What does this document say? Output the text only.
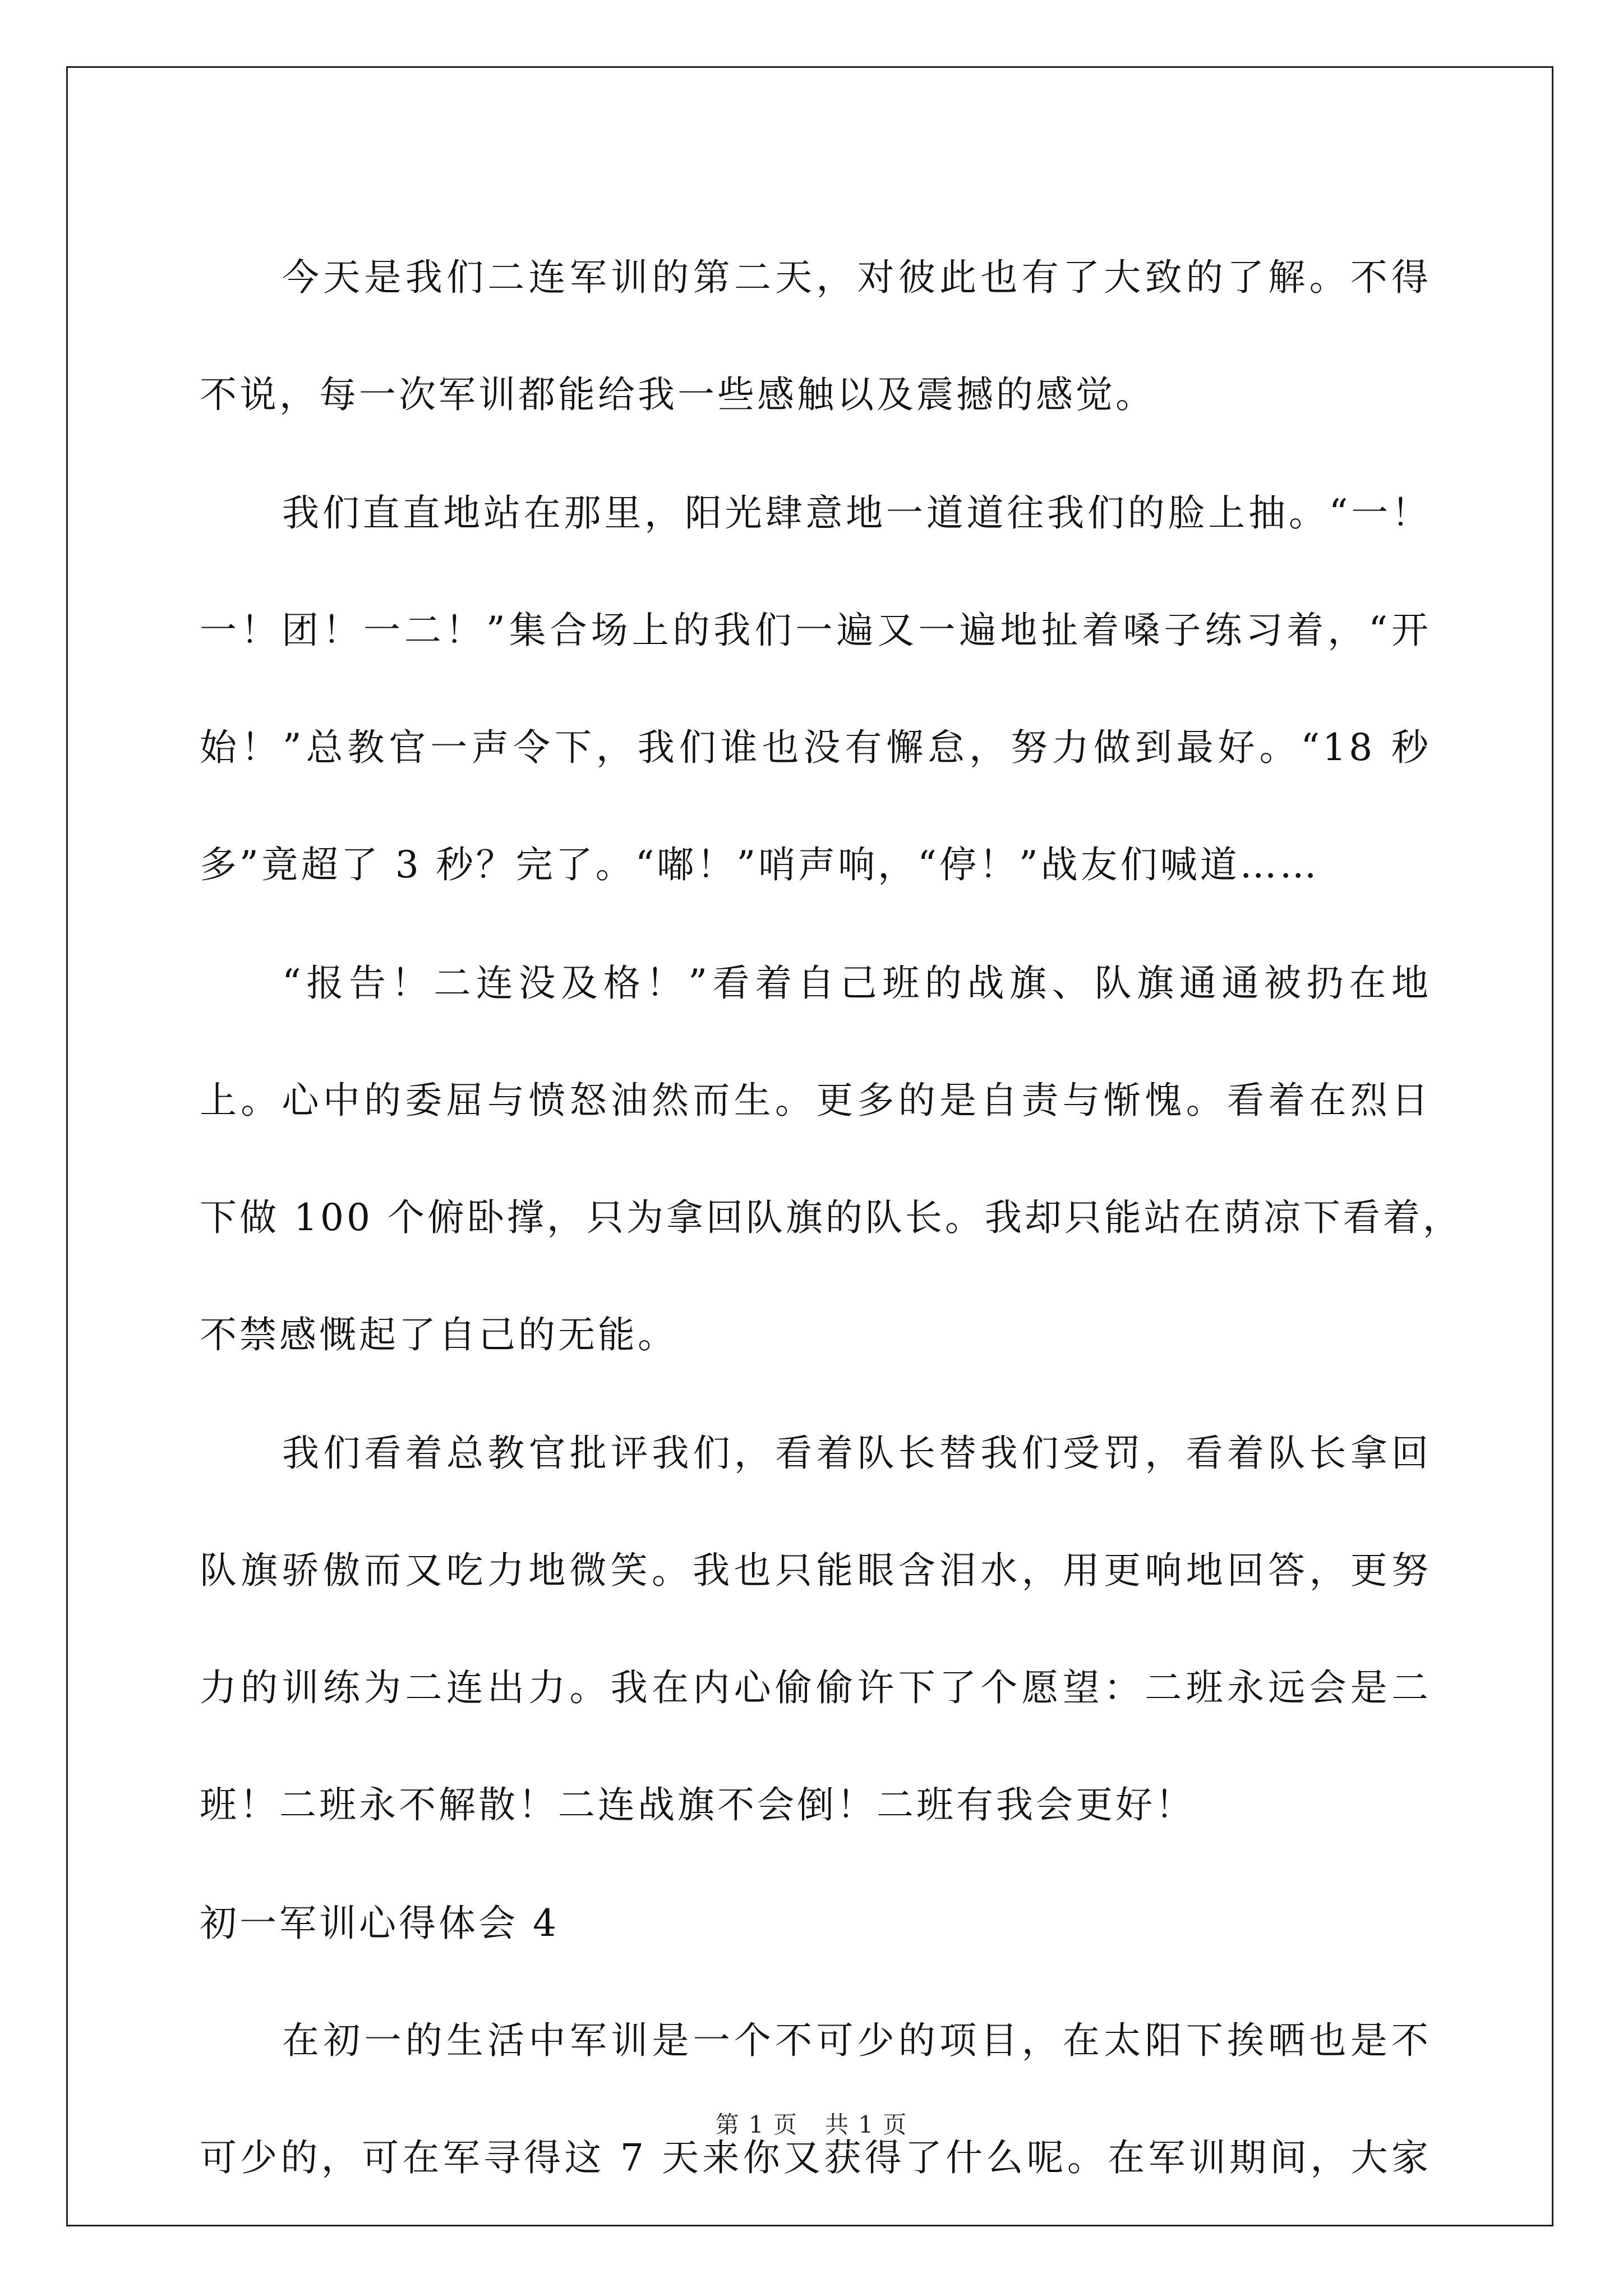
今天是我们二连军训的第二天，对彼此也有了大致的了解。不得
不说，每一次军训都能给我一些感触以及震撼的感觉。
我们直直地站在那里，阳光肆意地一道道往我们的脸上抽。“一！
一！团！一二！”集合场上的我们一遍又一遍地扯着嗓子练习着，“开
始！”总教官一声令下，我们谁也没有懈怠，努力做到最好。“18 秒
多”竟超了 3 秒？完了。“嘟！”哨声响，“停！”战友们喊道……
“报告！二连没及格！”看着自己班的战旗、队旗通通被扔在地
上。心中的委屈与愤怒油然而生。更多的是自责与惭愧。看着在烈日
下做 100 个俯卧撑，只为拿回队旗的队长。我却只能站在荫凉下看着，
不禁感慨起了自己的无能。
我们看着总教官批评我们，看着队长替我们受罚，看着队长拿回
队旗骄傲而又吃力地微笑。我也只能眼含泪水，用更响地回答，更努
力的训练为二连出力。我在内心偷偷许下了个愿望：二班永远会是二
班！二班永不解散！二连战旗不会倒！二班有我会更好！
初一军训心得体会 4
在初一的生活中军训是一个不可少的项目，在太阳下挨晒也是不
可少的，可在军寻得这 7 天来你又获得了什么呢。在军训期间，大家
第 1 页 共 1 页
